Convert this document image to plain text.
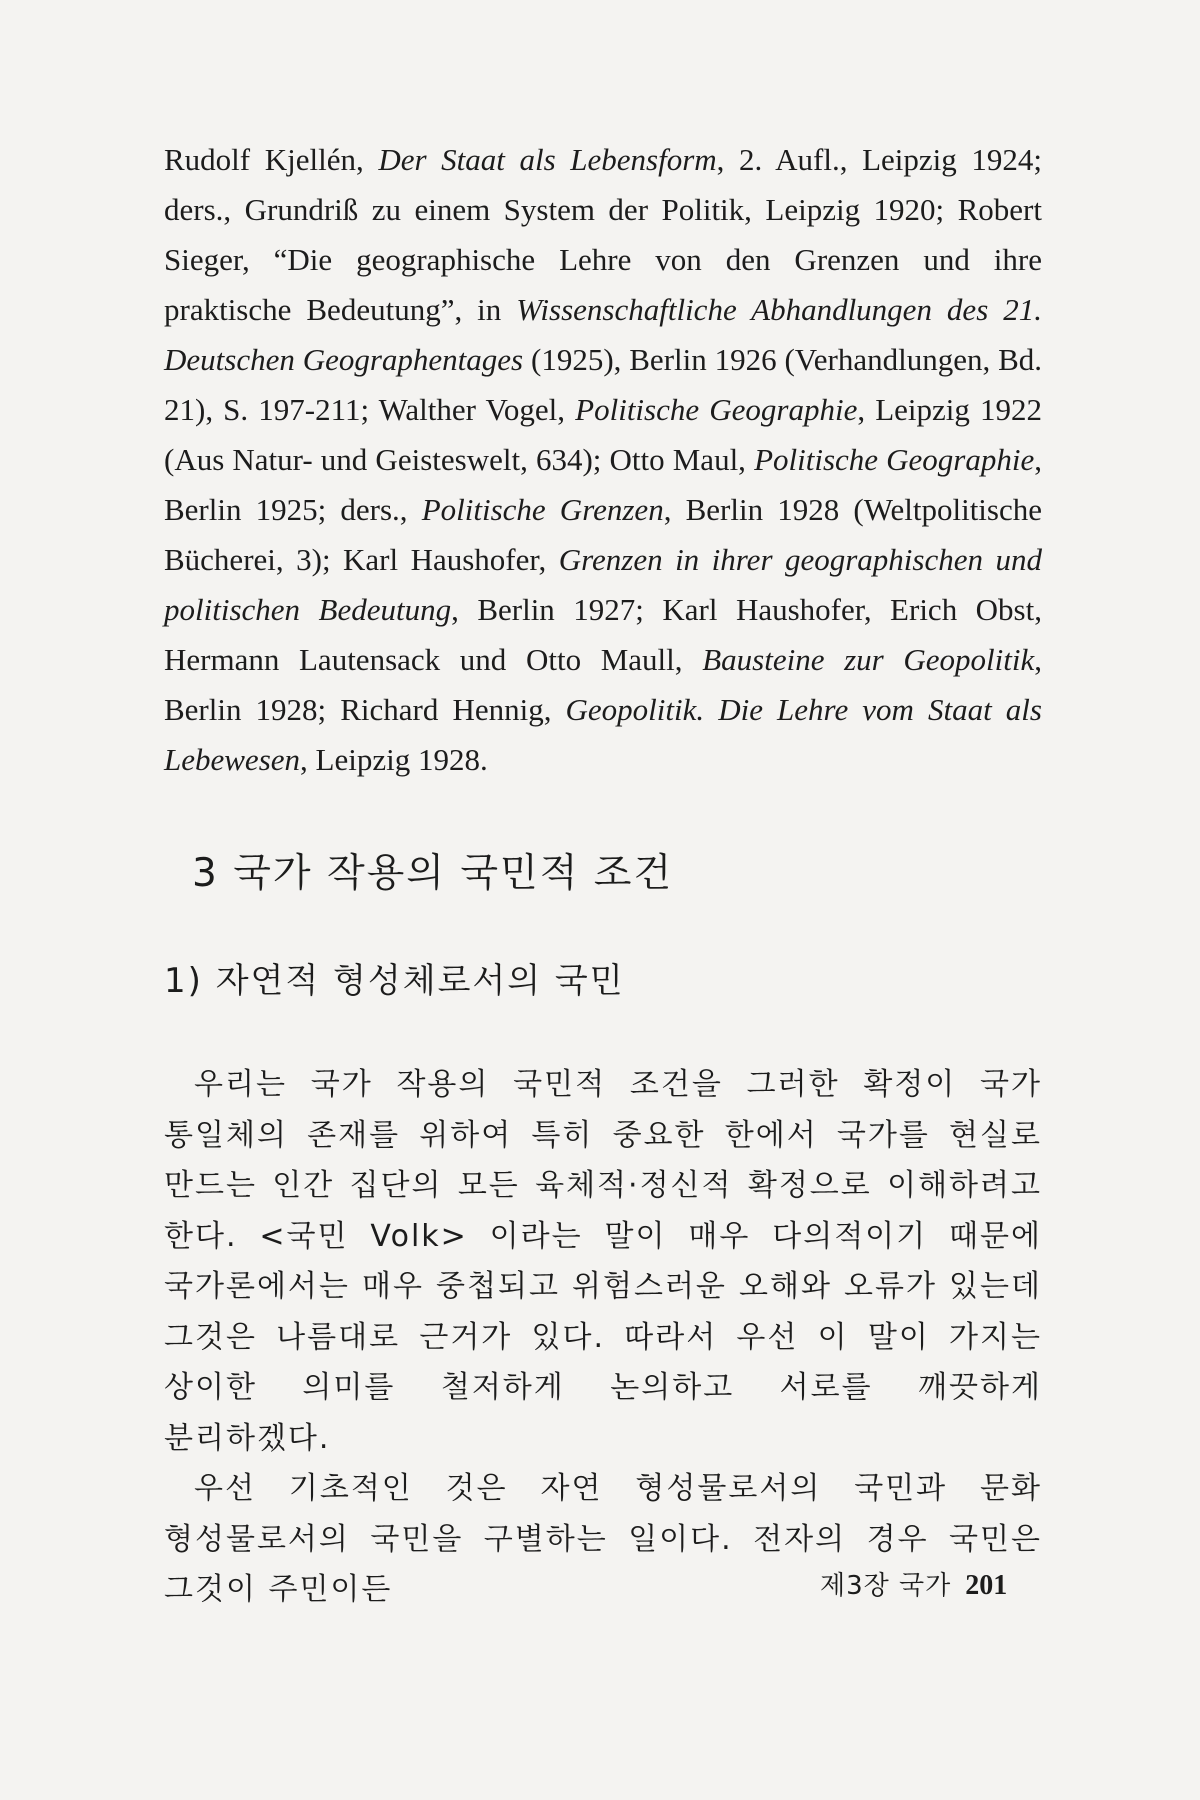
Rudolf Kjellén, Der Staat als Lebensform, 2. Aufl., Leipzig 1924; ders., Grundriß zu einem System der Politik, Leipzig 1920; Robert Sieger, “Die geographische Lehre von den Grenzen und ihre praktische Bedeutung”, in Wissenschaftliche Abhandlungen des 21. Deutschen Geographentages (1925), Berlin 1926 (Verhandlungen, Bd. 21), S. 197-211; Walther Vogel, Politische Geographie, Leipzig 1922 (Aus Natur- und Geisteswelt, 634); Otto Maul, Politische Geographie, Berlin 1925; ders., Politische Grenzen, Berlin 1928 (Weltpolitische Bücherei, 3); Karl Haushofer, Grenzen in ihrer geographischen und politischen Bedeutung, Berlin 1927; Karl Haushofer, Erich Obst, Hermann Lautensack und Otto Maull, Bausteine zur Geopolitik, Berlin 1928; Richard Hennig, Geopolitik. Die Lehre vom Staat als Lebewesen, Leipzig 1928.
3 국가 작용의 국민적 조건
1) 자연적 형성체로서의 국민

우리는 국가 작용의 국민적 조건을 그러한 확정이 국가 통일체의 존재를 위하여 특히 중요한 한에서 국가를 현실로 만드는 인간 집단의 모든 육체적·정신적 확정으로 이해하려고 한다. <국민 Volk> 이라는 말이 매우 다의적이기 때문에 국가론에서는 매우 중첩되고 위험스러운 오해와 오류가 있는데 그것은 나름대로 근거가 있다. 따라서 우선 이 말이 가지는 상이한 의미를 철저하게 논의하고 서로를 깨끗하게 분리하겠다.

우선 기초적인 것은 자연 형성물로서의 국민과 문화 형성물로서의 국민을 구별하는 일이다. 전자의 경우 국민은 그것이 주민이든	제3장 국가 201
